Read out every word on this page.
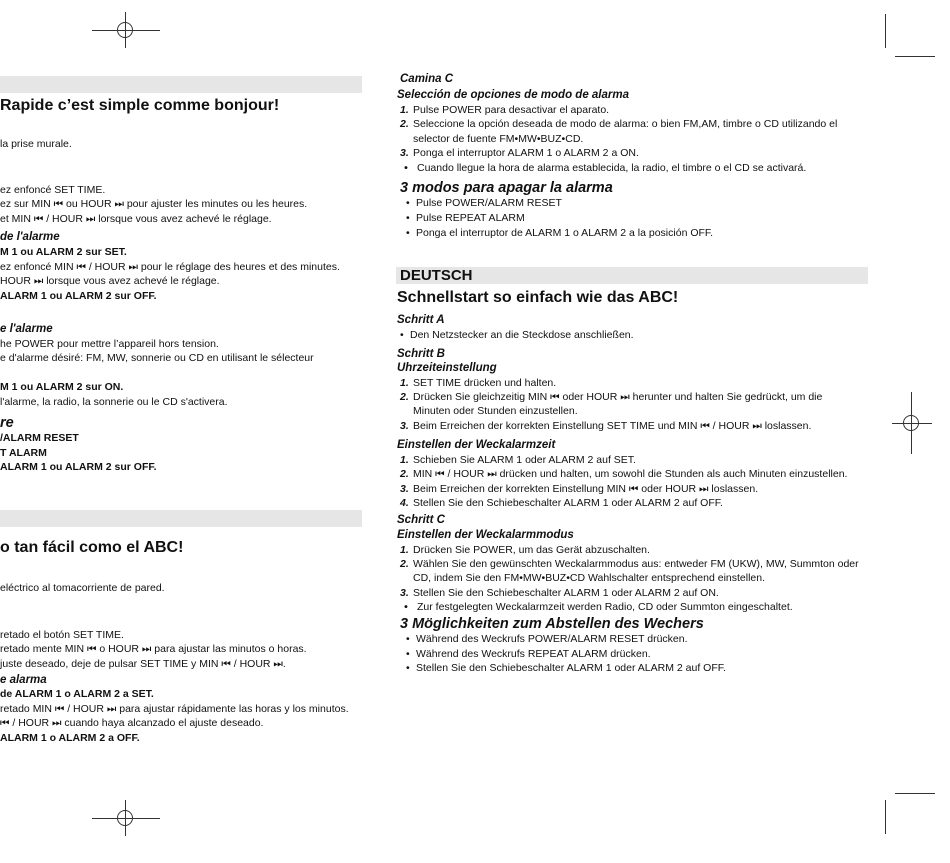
Rapide c’est simple comme bonjour!
la prise murale.
ez enfoncé SET TIME.
ez sur MIN ⏮ ou HOUR ⏭ pour ajuster les minutes ou les heures.
et MIN ⏮ / HOUR ⏭ lorsque vous avez achevé le réglage.
de l'alarme
M 1 ou ALARM 2 sur SET.
ez enfoncé MIN ⏮ / HOUR ⏭ pour le réglage des heures et des minutes.
HOUR ⏭ lorsque vous avez achevé le réglage.
ALARM 1 ou ALARM 2 sur OFF.
e l'alarme
he POWER pour mettre l’appareil hors tension.
e d'alarme désiré: FM, MW, sonnerie ou CD en utilisant le sélecteur
M 1 ou ALARM 2 sur ON.
l'alarme, la radio, la sonnerie ou le CD s'activera.
re
/ALARM RESET
T ALARM
ALARM 1 ou ALARM 2 sur OFF.
o tan fácil como el ABC!
eléctrico al tomacorriente de pared.
retado el botón SET TIME.
retado mente MIN ⏮ o HOUR ⏭ para ajustar las minutos o horas.
juste deseado, deje de pulsar SET TIME y MIN ⏮ / HOUR ⏭.
e alarma
de ALARM 1 o ALARM 2 a SET.
retado MIN ⏮ / HOUR ⏭ para ajustar rápidamente las horas y los minutos.
⏮ / HOUR ⏭ cuando haya alcanzado el ajuste deseado.
ALARM 1 o ALARM 2 a OFF.
Camina C
Selección de opciones de modo de alarma
1. Pulse POWER para desactivar el aparato.
2. Seleccione la opción deseada de modo de alarma: o bien FM,AM, timbre o CD utilizando el
selector de fuente FM•MW•BUZ•CD.
3. Ponga el interruptor ALARM 1 o ALARM 2 a ON.
• Cuando llegue la hora de alarma establecida, la radio, el timbre o el CD se activará.
3 modos para apagar la alarma
• Pulse POWER/ALARM RESET
• Pulse REPEAT ALARM
• Ponga el interruptor de ALARM 1 o ALARM 2 a la posición OFF.
DEUTSCH
Schnellstart so einfach wie das ABC!
Schritt A
• Den Netzstecker an die Steckdose anschließen.
Schritt B
Uhrzeiteinstellung
1. SET TIME drücken und halten.
2. Drücken Sie gleichzeitig MIN ⏮ oder HOUR ⏭ herunter und halten Sie gedrückt, um die
Minuten oder Stunden einzustellen.
3. Beim Erreichen der korrekten Einstellung SET TIME und MIN ⏮ / HOUR ⏭ loslassen.
Einstellen der Weckalarmzeit
1. Schieben Sie ALARM 1 oder ALARM 2 auf SET.
2. MIN ⏮ / HOUR ⏭ drücken und halten, um sowohl die Stunden als auch Minuten einzustellen.
3. Beim Erreichen der korrekten Einstellung MIN ⏮ oder HOUR ⏭ loslassen.
4. Stellen Sie den Schiebeschalter ALARM 1 oder ALARM 2 auf OFF.
Schritt C
Einstellen der Weckalarmmodus
1. Drücken Sie POWER, um das Gerät abzuschalten.
2. Wählen Sie den gewünschten Weckalarmmodus aus: entweder FM (UKW), MW, Summton oder
CD, indem Sie den FM•MW•BUZ•CD Wahlschalter entsprechend einstellen.
3. Stellen Sie den Schiebeschalter ALARM 1 oder ALARM 2 auf ON.
• Zur festgelegten Weckalarmzeit werden Radio, CD oder Summton eingeschaltet.
3 Möglichkeiten zum Abstellen des Wechers
• Während des Weckrufs POWER/ALARM RESET drücken.
• Während des Weckrufs REPEAT ALARM drücken.
• Stellen Sie den Schiebeschalter ALARM 1 oder ALARM 2 auf OFF.
